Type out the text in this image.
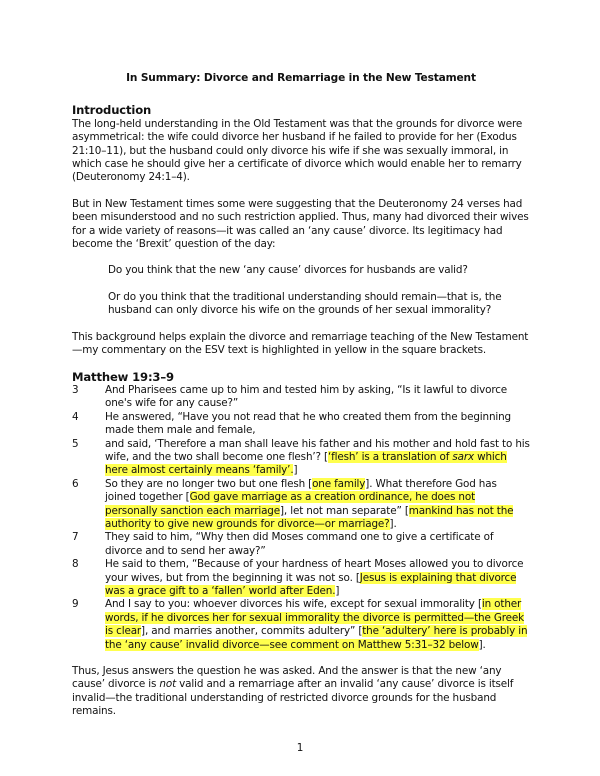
In Summary: Divorce and Remarriage in the New Testament
Introduction

The long-held understanding in the Old Testament was that the grounds for divorce were asymmetrical: the wife could divorce her husband if he failed to provide for her (Exodus 21:10–11), but the husband could only divorce his wife if she was sexually immoral, in which case he should give her a certificate of divorce which would enable her to remarry (Deuteronomy 24:1–4).

But in New Testament times some were suggesting that the Deuteronomy 24 verses had been misunderstood and no such restriction applied. Thus, many had divorced their wives for a wide variety of reasons—it was called an ‘any cause’ divorce. Its legitimacy had become the ‘Brexit’ question of the day:

Do you think that the new ‘any cause’ divorces for husbands are valid?

Or do you think that the traditional understanding should remain—that is, the husband can only divorce his wife on the grounds of her sexual immorality?

This background helps explain the divorce and remarriage teaching of the New Testament—my commentary on the ESV text is highlighted in yellow in the square brackets.

Matthew 19:3–9
3	And Pharisees came up to him and tested him by asking, “Is it lawful to divorce one's wife for any cause?”
4	He answered, “Have you not read that he who created them from the beginning made them male and female,
5	and said, ‘Therefore a man shall leave his father and his mother and hold fast to his wife, and the two shall become one flesh’? [‘flesh’ is a translation of sarx which here almost certainly means ‘family’.]
6	So they are no longer two but one flesh [one family]. What therefore God has joined together [God gave marriage as a creation ordinance, he does not personally sanction each marriage], let not man separate” [mankind has not the authority to give new grounds for divorce—or marriage?].
7	They said to him, “Why then did Moses command one to give a certificate of divorce and to send her away?”
8	He said to them, “Because of your hardness of heart Moses allowed you to divorce your wives, but from the beginning it was not so. [Jesus is explaining that divorce was a grace gift to a ‘fallen’ world after Eden.]
9	And I say to you: whoever divorces his wife, except for sexual immorality [in other words, if he divorces her for sexual immorality the divorce is permitted—the Greek is clear], and marries another, commits adultery” [the ‘adultery’ here is probably in the ‘any cause’ invalid divorce—see comment on Matthew 5:31–32 below].

Thus, Jesus answers the question he was asked. And the answer is that the new ‘any cause’ divorce is not valid and a remarriage after an invalid ‘any cause’ divorce is itself invalid—the traditional understanding of restricted divorce grounds for the husband remains.

1
